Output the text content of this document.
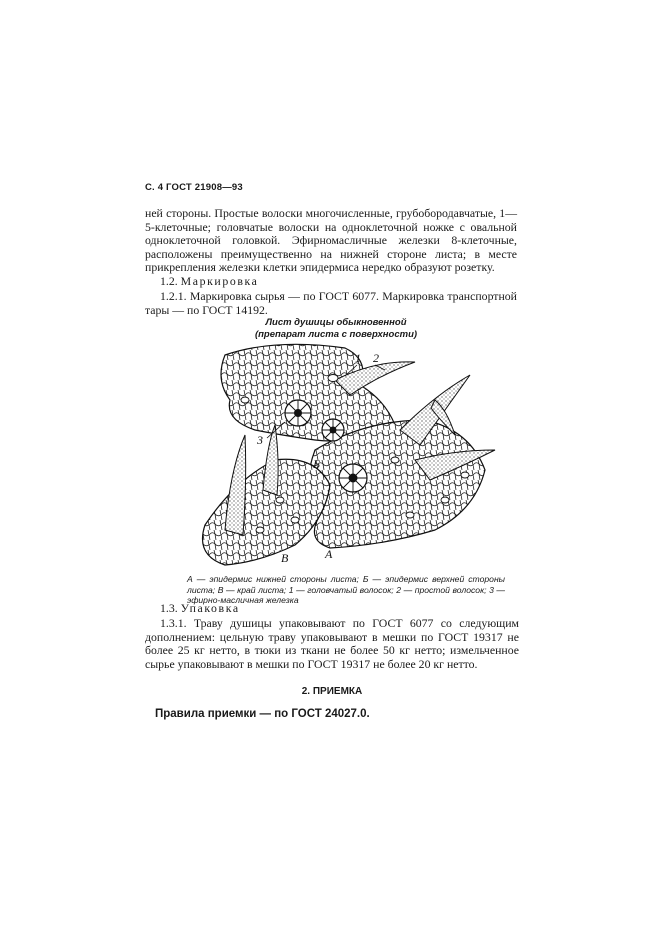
С. 4 ГОСТ 21908—93

ней стороны. Простые волоски многочисленные, грубобородавчатые, 1—5-клеточные; головчатые волоски на одноклеточной ножке с овальной одноклеточной головкой. Эфирномасличные железки 8-клеточные, расположены преимущественно на нижней стороне листа; в месте прикрепления железки клетки эпидермиса нередко образуют розетку.

1.2. Маркировка

1.2.1. Маркировка сырья — по ГОСТ 6077. Маркировка транспортной тары — по ГОСТ 14192.

Лист душицы обыкновенной
(препарат листа с поверхности)
1 2
3
Б
В	А
А — эпидермис нижней стороны листа; Б — эпидермис верхней стороны листа; В — край листа; 1 — головчатый волосок; 2 — простой волосок; 3 — эфирно-масличная железка
1.3. Упаковка

1.3.1. Траву душицы упаковывают по ГОСТ 6077 со следующим дополнением: цельную траву упаковывают в мешки по ГОСТ 19317 не более 25 кг нетто, в тюки из ткани не более 50 кг нетто; измельченное сырье упаковывают в мешки по ГОСТ 19317 не более 20 кг нетто.

2. ПРИЕМКА
Правила приемки — по ГОСТ 24027.0.
